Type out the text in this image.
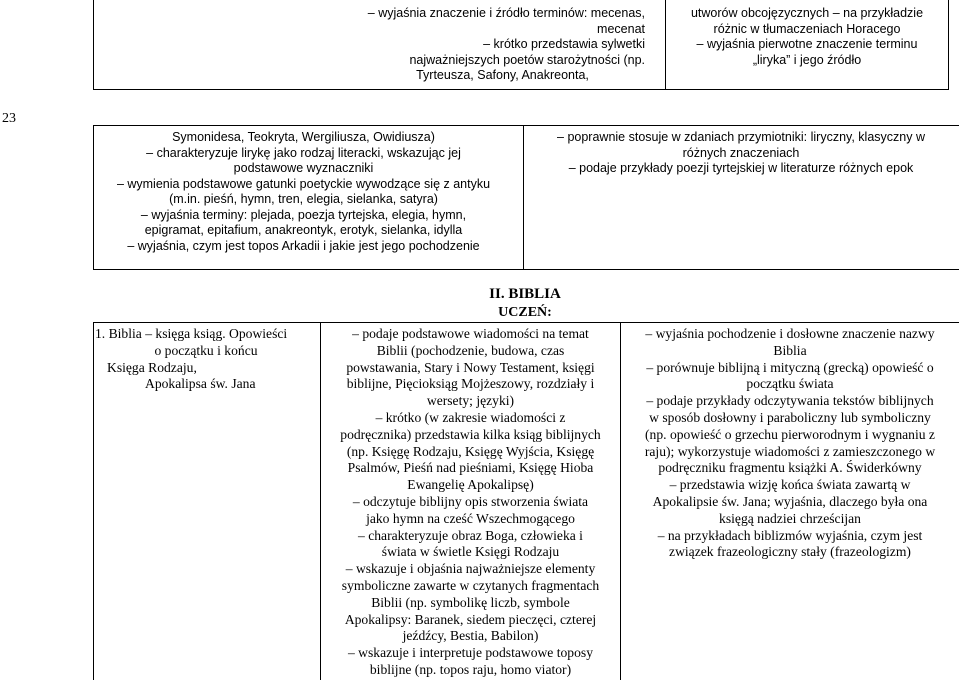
– wyjaśnia znaczenie i źródło terminów: mecenas,
mecenat
– krótko przedstawia sylwetki
najważniejszych poetów starożytności (np.
Tyrteusza, Safony, Anakreonta,
utworów obcojęzycznych – na przykładzie
różnic w tłumaczeniach Horacego
– wyjaśnia pierwotne znaczenie terminu
„liryka” i jego źródło
23
Symonidesa, Teokryta, Wergiliusza, Owidiusza)
– charakteryzuje lirykę jako rodzaj literacki, wskazując jej
podstawowe wyznaczniki
– wymienia podstawowe gatunki poetyckie wywodzące się z antyku
(m.in. pieśń, hymn, tren, elegia, sielanka, satyra)
– wyjaśnia terminy: plejada, poezja tyrtejska, elegia, hymn,
epigramat, epitafium, anakreontyk, erotyk, sielanka, idylla
– wyjaśnia, czym jest topos Arkadii i jakie jest jego pochodzenie
– poprawnie stosuje w zdaniach przymiotniki: liryczny, klasyczny w
różnych znaczeniach
– podaje przykłady poezji tyrtejskiej w literaturze różnych epok
II. BIBLIA
UCZEŃ:
1. Biblia – księga ksiąg. Opowieści
o początku i końcu
Księga Rodzaju,
Apokalipsa św. Jana
– podaje podstawowe wiadomości na temat
Biblii (pochodzenie, budowa, czas
powstawania, Stary i Nowy Testament, księgi
biblijne, Pięcioksiąg Mojżeszowy, rozdziały i
wersety; języki)
– krótko (w zakresie wiadomości z
podręcznika) przedstawia kilka ksiąg biblijnych
(np. Księgę Rodzaju, Księgę Wyjścia, Księgę
Psalmów, Pieśń nad pieśniami, Księgę Hioba
Ewangelię Apokalipsę)
– odczytuje biblijny opis stworzenia świata
jako hymn na cześć Wszechmogącego
– charakteryzuje obraz Boga, człowieka i
świata w świetle Księgi Rodzaju
– wskazuje i objaśnia najważniejsze elementy
symboliczne zawarte w czytanych fragmentach
Biblii (np. symbolikę liczb, symbole
Apokalipsy: Baranek, siedem pieczęci, czterej
jeźdźcy, Bestia, Babilon)
– wskazuje i interpretuje podstawowe toposy
biblijne (np. topos raju, homo viator)
– wyjaśnia pochodzenie i dosłowne znaczenie nazwy
Biblia
– porównuje biblijną i mityczną (grecką) opowieść o
początku świata
– podaje przykłady odczytywania tekstów biblijnych
w sposób dosłowny i paraboliczny lub symboliczny
(np. opowieść o grzechu pierworodnym i wygnaniu z
raju); wykorzystuje wiadomości z zamieszczonego w
podręczniku fragmentu książki A. Świderkówny
– przedstawia wizję końca świata zawartą w
Apokalipsie św. Jana; wyjaśnia, dlaczego była ona
księgą nadziei chrześcijan
– na przykładach biblizmów wyjaśnia, czym jest
związek frazeologiczny stały (frazeologizm)
